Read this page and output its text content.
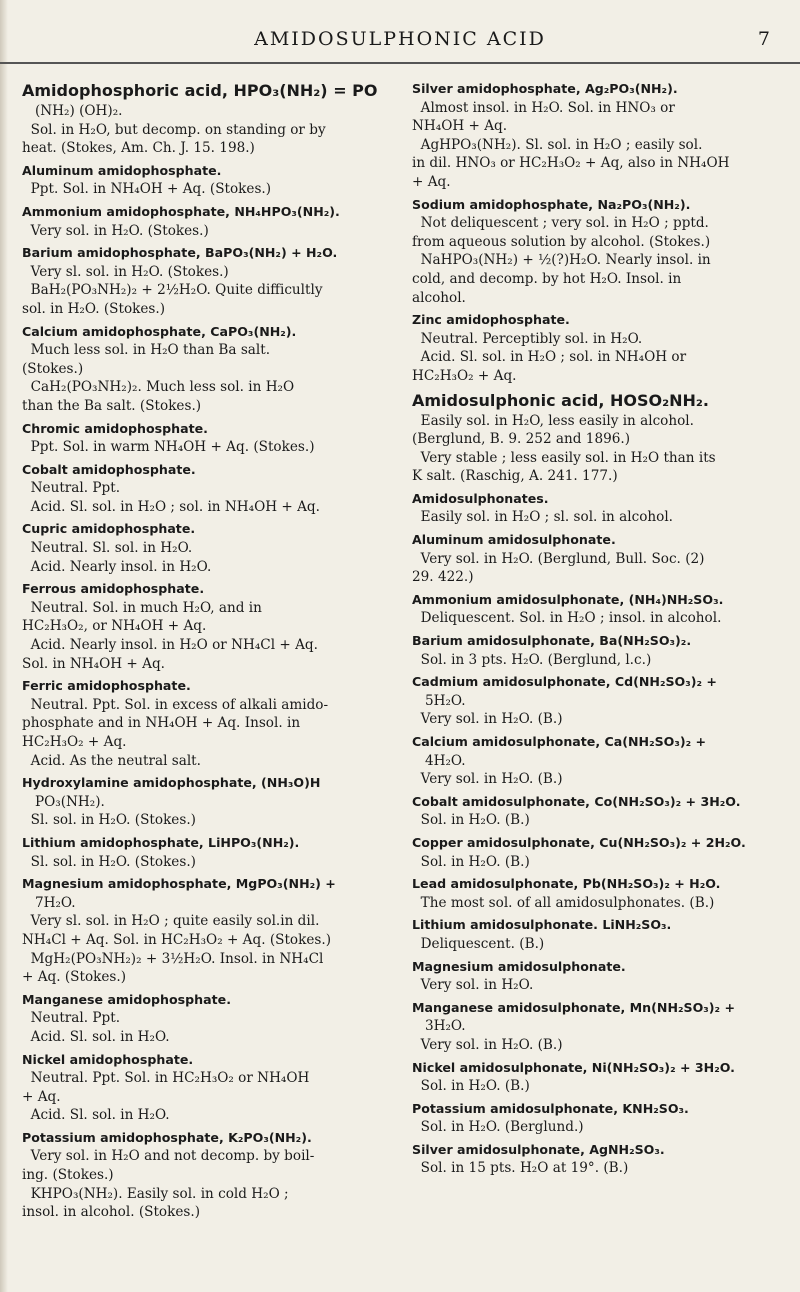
AMIDOSULPHONIC ACID	7
Amidophosphoric acid, HPO₃(NH₂) = PO
(NH₂) (OH)₂.
Sol. in H₂O, but decomp. on standing or by
heat. (Stokes, Am. Ch. J. 15. 198.)
Aluminum amidophosphate.
Ppt. Sol. in NH₄OH + Aq. (Stokes.)
Ammonium amidophosphate, NH₄HPO₃(NH₂).
Very sol. in H₂O. (Stokes.)
Barium amidophosphate, BaPO₃(NH₂) + H₂O.
Very sl. sol. in H₂O. (Stokes.)
BaH₂(PO₃NH₂)₂ + 2½H₂O. Quite difficultly
sol. in H₂O. (Stokes.)
Calcium amidophosphate, CaPO₃(NH₂).
Much less sol. in H₂O than Ba salt.
(Stokes.)
CaH₂(PO₃NH₂)₂. Much less sol. in H₂O
than the Ba salt. (Stokes.)
Chromic amidophosphate.
Ppt. Sol. in warm NH₄OH + Aq. (Stokes.)
Cobalt amidophosphate.
Neutral. Ppt.
Acid. Sl. sol. in H₂O ; sol. in NH₄OH + Aq.
Cupric amidophosphate.
Neutral. Sl. sol. in H₂O.
Acid. Nearly insol. in H₂O.
Ferrous amidophosphate.
Neutral. Sol. in much H₂O, and in
HC₂H₃O₂, or NH₄OH + Aq.
Acid. Nearly insol. in H₂O or NH₄Cl + Aq.
Sol. in NH₄OH + Aq.
Ferric amidophosphate.
Neutral. Ppt. Sol. in excess of alkali amido-
phosphate and in NH₄OH + Aq. Insol. in
HC₂H₃O₂ + Aq.
Acid. As the neutral salt.
Hydroxylamine amidophosphate, (NH₃O)H
PO₃(NH₂).
Sl. sol. in H₂O. (Stokes.)
Lithium amidophosphate, LiHPO₃(NH₂).
Sl. sol. in H₂O. (Stokes.)
Magnesium amidophosphate, MgPO₃(NH₂) +
7H₂O.
Very sl. sol. in H₂O ; quite easily sol.in dil.
NH₄Cl + Aq. Sol. in HC₂H₃O₂ + Aq. (Stokes.)
MgH₂(PO₃NH₂)₂ + 3½H₂O. Insol. in NH₄Cl
+ Aq. (Stokes.)
Manganese amidophosphate.
Neutral. Ppt.
Acid. Sl. sol. in H₂O.
Nickel amidophosphate.
Neutral. Ppt. Sol. in HC₂H₃O₂ or NH₄OH
+ Aq.
Acid. Sl. sol. in H₂O.
Potassium amidophosphate, K₂PO₃(NH₂).
Very sol. in H₂O and not decomp. by boil-
ing. (Stokes.)
KHPO₃(NH₂). Easily sol. in cold H₂O ;
insol. in alcohol. (Stokes.)
Silver amidophosphate, Ag₂PO₃(NH₂).
Almost insol. in H₂O. Sol. in HNO₃ or
NH₄OH + Aq.
AgHPO₃(NH₂). Sl. sol. in H₂O ; easily sol.
in dil. HNO₃ or HC₂H₃O₂ + Aq, also in NH₄OH
+ Aq.
Sodium amidophosphate, Na₂PO₃(NH₂).
Not deliquescent ; very sol. in H₂O ; pptd.
from aqueous solution by alcohol. (Stokes.)
NaHPO₃(NH₂) + ½(?)H₂O. Nearly insol. in
cold, and decomp. by hot H₂O. Insol. in
alcohol.
Zinc amidophosphate.
Neutral. Perceptibly sol. in H₂O.
Acid. Sl. sol. in H₂O ; sol. in NH₄OH or
HC₂H₃O₂ + Aq.
Amidosulphonic acid, HOSO₂NH₂.
Easily sol. in H₂O, less easily in alcohol.
(Berglund, B. 9. 252 and 1896.)
Very stable ; less easily sol. in H₂O than its
K salt. (Raschig, A. 241. 177.)
Amidosulphonates.
Easily sol. in H₂O ; sl. sol. in alcohol.
Aluminum amidosulphonate.
Very sol. in H₂O. (Berglund, Bull. Soc. (2)
29. 422.)
Ammonium amidosulphonate, (NH₄)NH₂SO₃.
Deliquescent. Sol. in H₂O ; insol. in alcohol.
Barium amidosulphonate, Ba(NH₂SO₃)₂.
Sol. in 3 pts. H₂O. (Berglund, l.c.)
Cadmium amidosulphonate, Cd(NH₂SO₃)₂ +
5H₂O.
Very sol. in H₂O. (B.)
Calcium amidosulphonate, Ca(NH₂SO₃)₂ +
4H₂O.
Very sol. in H₂O. (B.)
Cobalt amidosulphonate, Co(NH₂SO₃)₂ + 3H₂O.
Sol. in H₂O. (B.)
Copper amidosulphonate, Cu(NH₂SO₃)₂ + 2H₂O.
Sol. in H₂O. (B.)
Lead amidosulphonate, Pb(NH₂SO₃)₂ + H₂O.
The most sol. of all amidosulphonates. (B.)
Lithium amidosulphonate. LiNH₂SO₃.
Deliquescent. (B.)
Magnesium amidosulphonate.
Very sol. in H₂O.
Manganese amidosulphonate, Mn(NH₂SO₃)₂ +
3H₂O.
Very sol. in H₂O. (B.)
Nickel amidosulphonate, Ni(NH₂SO₃)₂ + 3H₂O.
Sol. in H₂O. (B.)
Potassium amidosulphonate, KNH₂SO₃.
Sol. in H₂O. (Berglund.)
Silver amidosulphonate, AgNH₂SO₃.
Sol. in 15 pts. H₂O at 19°. (B.)
